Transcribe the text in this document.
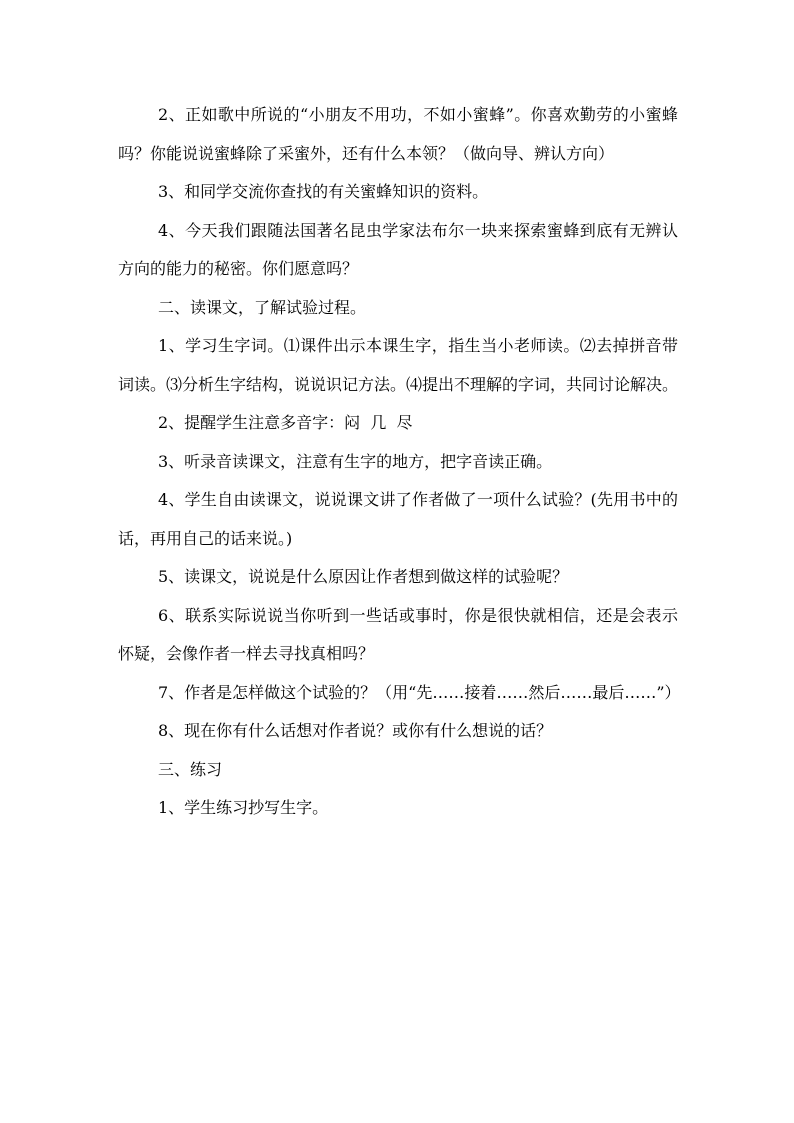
2、正如歌中所说的“小朋友不用功，不如小蜜蜂”。你喜欢勤劳的小蜜蜂吗？你能说说蜜蜂除了采蜜外，还有什么本领？（做向导、辨认方向）

3、和同学交流你查找的有关蜜蜂知识的资料。

4、今天我们跟随法国著名昆虫学家法布尔一块来探索蜜蜂到底有无辨认方向的能力的秘密。你们愿意吗？

二、读课文，了解试验过程。

1、学习生字词。⑴课件出示本课生字，指生当小老师读。⑵去掉拼音带词读。⑶分析生字结构，说说识记方法。⑷提出不理解的字词，共同讨论解决。

2、提醒学生注意多音字：闷  几  尽

3、听录音读课文，注意有生字的地方，把字音读正确。

4、学生自由读课文，说说课文讲了作者做了一项什么试验？(先用书中的话，再用自己的话来说。)

5、读课文，说说是什么原因让作者想到做这样的试验呢？

6、联系实际说说当你听到一些话或事时，你是很快就相信，还是会表示怀疑，会像作者一样去寻找真相吗？

7、作者是怎样做这个试验的？（用“先……接着……然后……最后……”）

8、现在你有什么话想对作者说？或你有什么想说的话？

三、练习

1、学生练习抄写生字。
